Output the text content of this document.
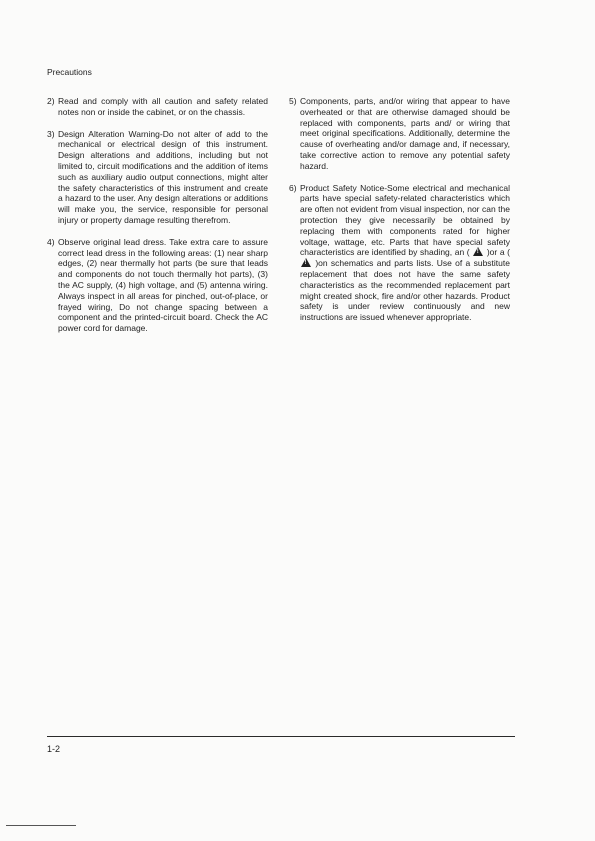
Precautions
2) Read and comply with all caution and safety related notes non or inside the cabinet, or on the chassis.
3) Design Alteration Warning-Do not alter of add to the mechanical or electrical design of this instrument. Design alterations and additions, including but not limited to, circuit modifications and the addition of items such as auxiliary audio output connections, might alter the safety characteristics of this instrument and create a hazard to the user. Any design alterations or additions will make you, the service, responsible for personal injury or property damage resulting therefrom.
4) Observe original lead dress. Take extra care to assure correct lead dress in the following areas: (1) near sharp edges, (2) near thermally hot parts (be sure that leads and components do not touch thermally hot parts), (3) the AC supply, (4) high voltage, and (5) antenna wiring. Always inspect in all areas for pinched, out-of-place, or frayed wiring, Do not change spacing between a component and the printed-circuit board. Check the AC power cord for damage.
5) Components, parts, and/or wiring that appear to have overheated or that are otherwise damaged should be replaced with components, parts and/ or wiring that meet original specifications. Additionally, determine the cause of overheating and/or damage and, if necessary, take corrective action to remove any potential safety hazard.
6) Product Safety Notice-Some electrical and mechanical parts have special safety-related characteristics which are often not evident from visual inspection, nor can the protection they give necessarily be obtained by replacing them with components rated for higher voltage, wattage, etc. Parts that have special safety characteristics are identified by shading, an ( ! )or a ( ! )on schematics and parts lists. Use of a substitute replacement that does not have the same safety characteristics as the recommended replacement part might created shock, fire and/or other hazards. Product safety is under review continuously and new instructions are issued whenever appropriate.
1-2
